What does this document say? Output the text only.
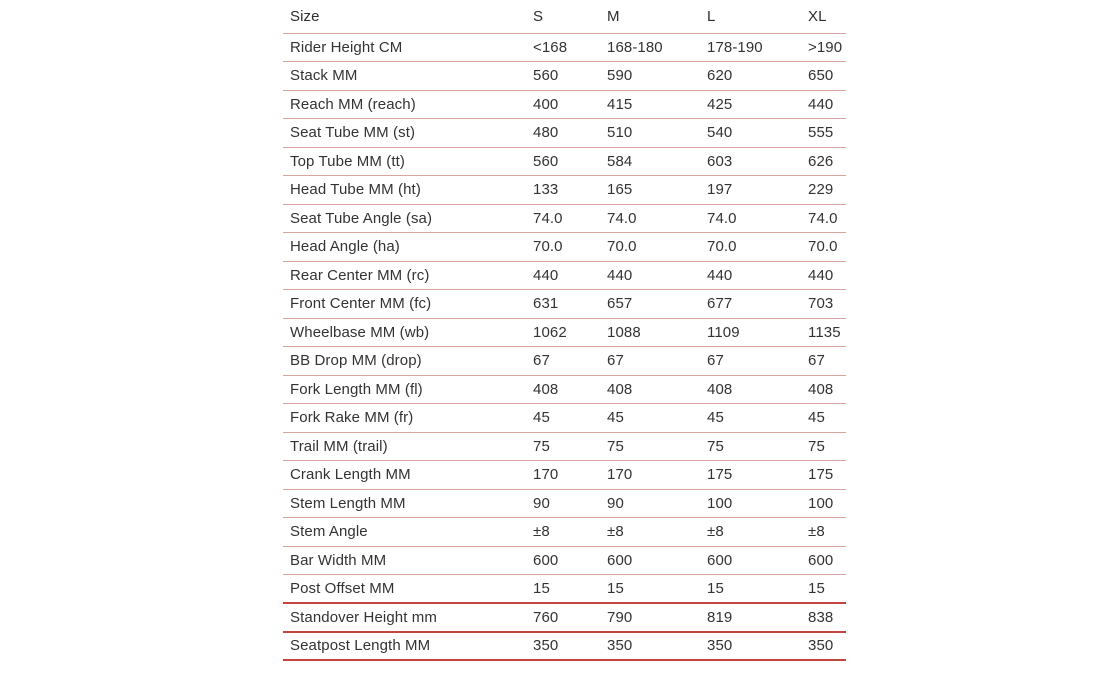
Size	S	M	L	XL
Rider Height CM	<168	168-180	178-190	>190
Stack MM	560	590	620	650
Reach MM (reach)	400	415	425	440
Seat Tube MM (st)	480	510	540	555
Top Tube MM (tt)	560	584	603	626
Head Tube MM (ht)	133	165	197	229
Seat Tube Angle (sa)	74.0	74.0	74.0	74.0
Head Angle (ha)	70.0	70.0	70.0	70.0
Rear Center MM (rc)	440	440	440	440
Front Center MM (fc)	631	657	677	703
Wheelbase MM (wb)	1062	1088	1109	1135
BB Drop MM (drop)	67	67	67	67
Fork Length MM (fl)	408	408	408	408
Fork Rake MM (fr)	45	45	45	45
Trail MM (trail)	75	75	75	75
Crank Length MM	170	170	175	175
Stem Length MM	90	90	100	100
Stem Angle	±8	±8	±8	±8
Bar Width MM	600	600	600	600
Post Offset MM	15	15	15	15
Standover Height mm	760	790	819	838
Seatpost Length MM	350	350	350	350
